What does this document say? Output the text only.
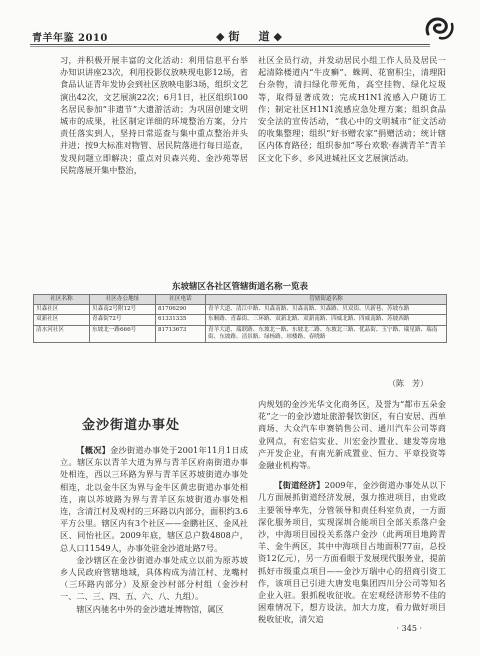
青羊年鉴 2010	◆街　道◆

习，并积极开展丰富的文化活动：利用信息平台举办知识讲座23次，利用投影仪放映现电影12场，省食品认证青年发协会到社区放映电影3场，组织文艺演出42次，文艺展演22次；6月1日，社区组织100名居民参加“非遗节”大遗游活动；为巩固创建文明城市的成果，社区制定详细的环境整治方案，分片责任落实到人，坚持日常巡查与集中重点整治并头并进；按9大标准对物管、居民院落进行每日巡查，发现问题立即解决；重点对贝森兴苑、金沙苑等居民院落展开集中整治，

社区全员行动，并发动居民小组工作人员及居民一起清除楼道内“牛皮癣”、蛛网、花窗积尘，清理阳台杂物，清扫绿化带死角，高空挂物、绿化垃圾等，取得显著成效；完成H1N1流感入户随访工作；制定社区H1N1流感应急处理方案；组织食品安全法的宣传活动，“我心中的文明城市”征文活动的收集整理；组织“好书赠农家”捐赠活动；统计辖区内体育路径；组织参加“琴台欢歌·春满青羊”青羊区文化下乡、乡风进城社区文艺展演活动。

东坡辖区各社区管辖街道名称一览表
社区名称	社区办公地址	社区电话	管辖街道名称
贝森社区	贝森南2号附12号	81706290	青羊大道、清江中路、贝森南路、贝森南路、贝森路、贝双街、贝新巷、苏坡东路
双新社区	青森街72号	61331335	东顺路、青森街、三环路、双新北路、双新南路、四威北路、四威南路、苏坡西路
清水河社区	东坡北一路666号	81713673	青羊大道、瑞联路、东坡北一路、东坡北二路、东坡北三路、优品街、玉宁路、瑞星路、瑞南街、东坡路、清景路、绿杨路、琼楼路、春晓路
（陈　芳）
金沙街道办事处

【概况】金沙街道办事处于2001年11月1日成立。辖区东以青羊大道为界与青羊区府南街道办事处相连，西以三环路为界与青羊区苏坡街道办事处相连，北以金牛区为界与金牛区黄忠街道办事处相连，南以苏坡路为界与青羊区东坡街道办事处相连，含清江村及观村的三环路以内部分，面积约3.6平方公里。辖区内有3个社区——金鹏社区、金风社区、同怡社区。2009年底，辖区总户数4808户，总人口11549人，办事处驻金沙道址路7号。

金沙辖区在金沙街道办事处成立以前为原苏坡乡人民政府管辖地域，具体构成为清江村、龙嘴村（三环路内部分）及原金沙村部分村组（金沙村一、二、三、四、五、六、八、九组）。

辖区内驰名中外的金沙遗址博物馆，属区

内规划的金沙光华文化商务区，及誉为“都市五朵金花”之一的金沙遗址旅游餐饮街区，有白安居、西单商场、大众汽车申赛销售公司、通川汽车公司等商业网点，有宏信实业、川宏金沙置业、建发等房地产开发企业，有南光新成置业、恒力、平章投资等金融业机构等。

【街道经济】2009年，金沙街道办事处从以下几方面展抓街道经济发展，强力推进项目，由党政主要领导率先，分管领导和责任科室负责，一方面深化服务项目，实现深圳合能项目全部关系落户金沙，中海项目园投关系落户金沙（此两项目地跨青羊、金牛两区，其中中海项目占地面积77亩，总投资12亿元），另一方面看眼于发展现代服务业，提前抓好市级重点项目——金沙万瑞中心的招商引资工作，该项目已引进大唐发电集团四川分公司等知名企业入驻。狠抓税收征收。在宏观经济形势不佳的困难情况下，想方设法，加大力度，看力做好项目税收征收，清欠追

· 345 ·
